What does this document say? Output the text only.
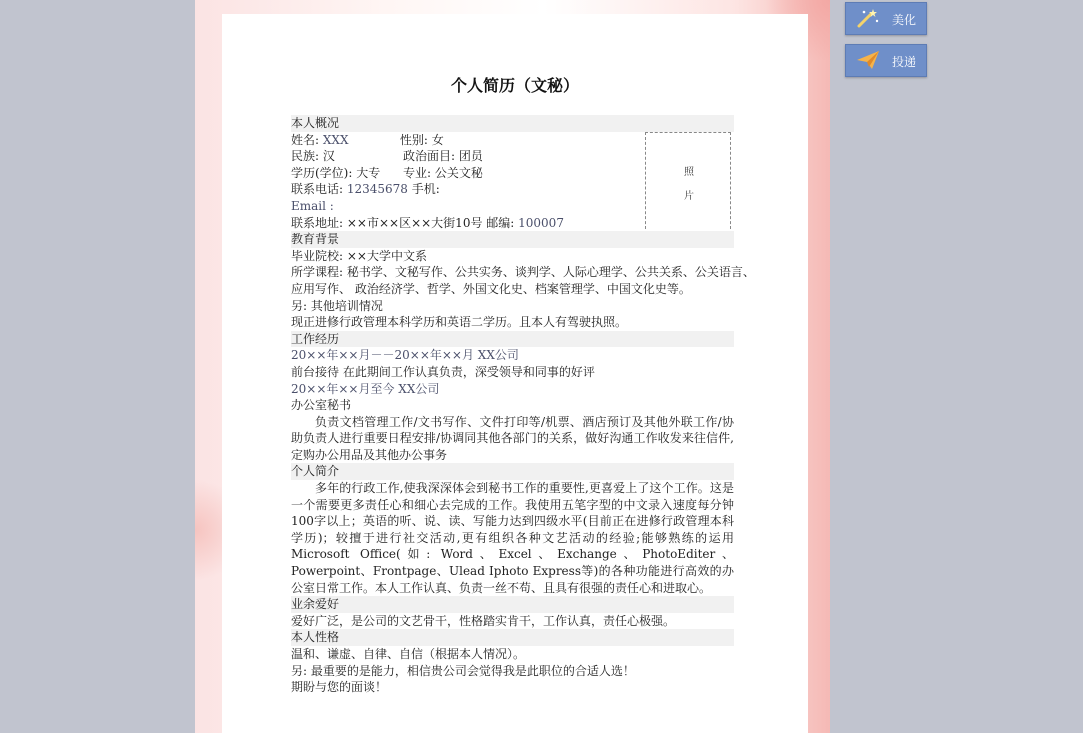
个人简历（文秘）
照
片
本人概况
姓名: XXX	性别: 女
民族: 汉	政治面目: 团员
学历(学位): 大专 专业: 公关文秘
联系电话: 12345678 手机:
Email :
联系地址: ××市××区××大街10号 邮编: 100007
教育背景
毕业院校: ××大学中文系
所学课程: 秘书学、文秘写作、公共实务、谈判学、人际心理学、公共关系、公关语言、
应用写作、 政治经济学、哲学、外国文化史、档案管理学、中国文化史等。
另: 其他培训情况
现正进修行政管理本科学历和英语二学历。且本人有驾驶执照。
工作经历
20××年××月－－20××年××月 XX公司
前台接待 在此期间工作认真负责，深受领导和同事的好评
20××年××月至今 XX公司
办公室秘书
负责文档管理工作/文书写作、文件打印等/机票、酒店预订及其他外联工作/协助负责人进行重要日程安排/协调同其他各部门的关系，做好沟通工作收发来往信件,定购办公用品及其他办公事务
个人简介
多年的行政工作,使我深深体会到秘书工作的重要性,更喜爱上了这个工作。这是一个需要更多责任心和细心去完成的工作。我使用五笔字型的中文录入速度每分钟100字以上；英语的听、说、读、写能力达到四级水平(目前正在进修行政管理本科学历)；较擅于进行社交活动,更有组织各种文艺活动的经验;能够熟练的运用Microsoft Office(如: Word、Excel、Exchange、PhotoEditer、Powerpoint、Frontpage、Ulead Iphoto Express等)的各种功能进行高效的办公室日常工作。本人工作认真、负责一丝不苟、且具有很强的责任心和进取心。
业余爱好
爱好广泛，是公司的文艺骨干，性格踏实肯干，工作认真，责任心极强。
本人性格
温和、谦虚、自律、自信（根据本人情况）。
另: 最重要的是能力，相信贵公司会觉得我是此职位的合适人选！
期盼与您的面谈！
美化
投递
